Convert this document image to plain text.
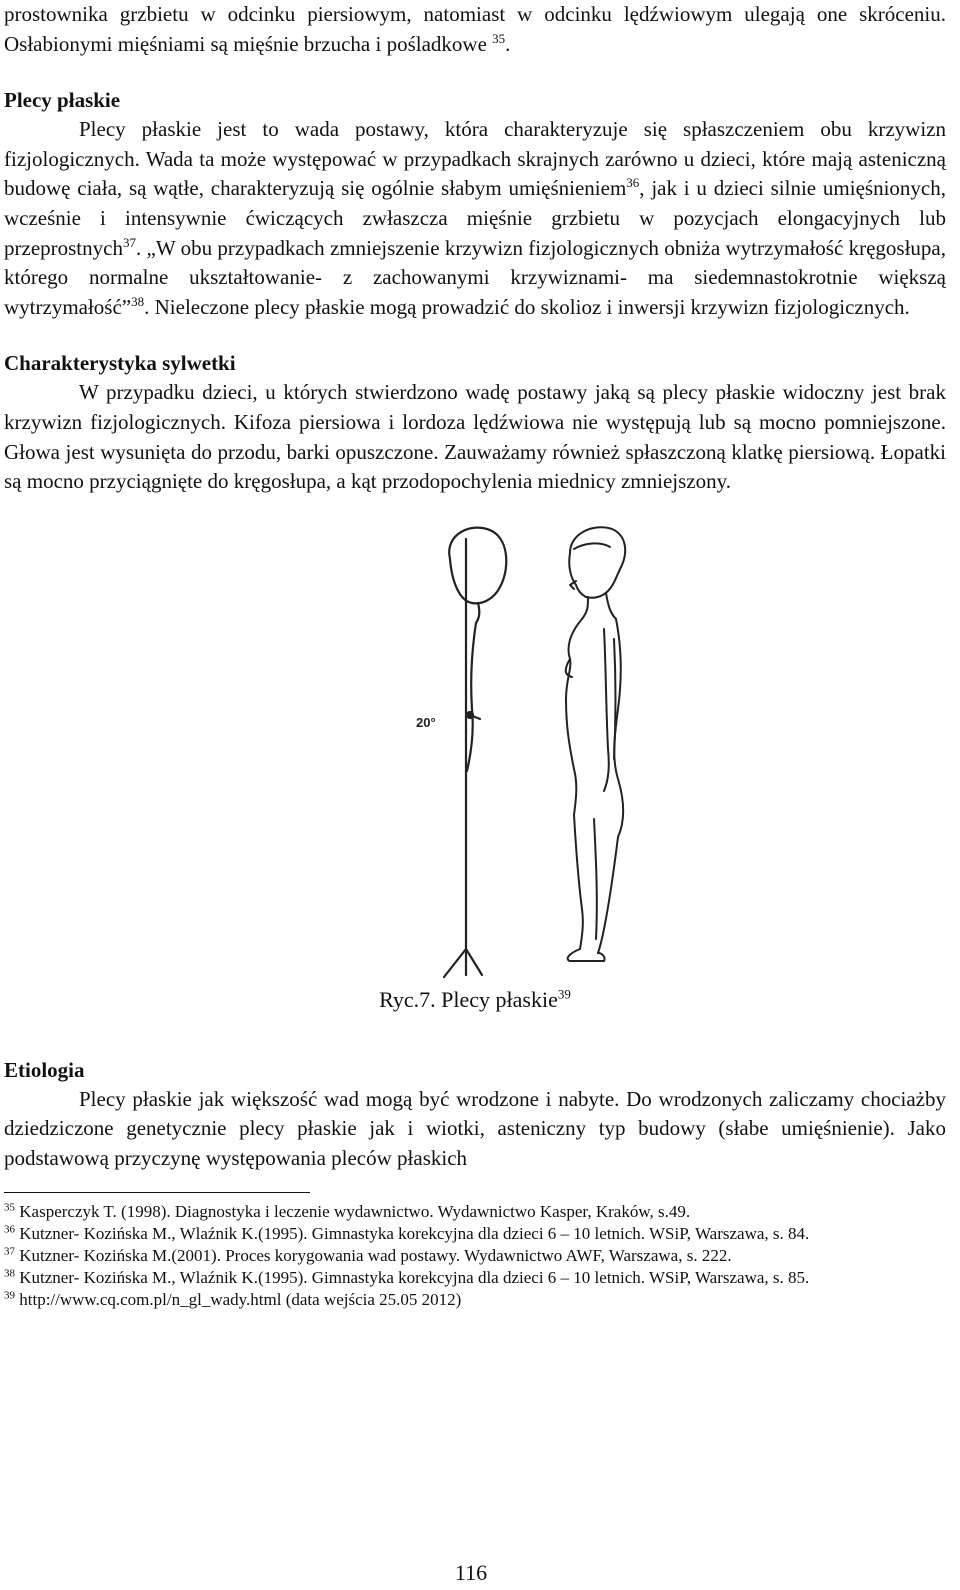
prostownika grzbietu w odcinku piersiowym, natomiast w odcinku lędźwiowym ulegają one skróceniu. Osłabionymi mięśniami są mięśnie brzucha i pośladkowe $^{35}$.

Plecy płaskie

Plecy płaskie jest to wada postawy, która charakteryzuje się spłaszczeniem obu krzywizn fizjologicznych. Wada ta może występować w przypadkach skrajnych zarówno u dzieci, które mają asteniczną budowę ciała, są wątłe, charakteryzują się ogólnie słabym umięśnieniem$^{36}$, jak i u dzieci silnie umięśnionych, wcześnie i intensywnie ćwiczących zwłaszcza mięśnie grzbietu w pozycjach elongacyjnych lub przeprostnych$^{37}$. „W obu przypadkach zmniejszenie krzywizn fizjologicznych obniża wytrzymałość kręgosłupa, którego normalne ukształtowanie- z zachowanymi krzywiznami- ma siedemnastokrotnie większą wytrzymałość”$^{38}$. Nieleczone plecy płaskie mogą prowadzić do skolioz i inwersji krzywizn fizjologicznych.

Charakterystyka sylwetki

W przypadku dzieci, u których stwierdzono wadę postawy jaką są plecy płaskie widoczny jest brak krzywizn fizjologicznych. Kifoza piersiowa i lordoza lędźwiowa nie występują lub są mocno pomniejszone. Głowa jest wysunięta do przodu, barki opuszczone. Zauważamy również spłaszczoną klatkę piersiową. Łopatki są mocno przyciągnięte do kręgosłupa, a kąt przodopochylenia miednicy zmniejszony.

20°
Ryc.7. Plecy płaskie$^{39}$
Etiologia

Plecy płaskie jak większość wad mogą być wrodzone i nabyte. Do wrodzonych zaliczamy chociażby dziedziczone genetycznie plecy płaskie jak i wiotki, asteniczny typ budowy (słabe umięśnienie). Jako podstawową przyczynę występowania pleców płaskich

$^{35}$ Kasperczyk T. (1998). Diagnostyka i leczenie wydawnictwo. Wydawnictwo Kasper, Kraków, s.49.

$^{36}$ Kutzner- Kozińska M., Wlaźnik K.(1995). Gimnastyka korekcyjna dla dzieci 6 – 10 letnich. WSiP, Warszawa, s. 84.

$^{37}$ Kutzner- Kozińska M.(2001). Proces korygowania wad postawy. Wydawnictwo AWF, Warszawa, s. 222.

$^{38}$ Kutzner- Kozińska M., Wlaźnik K.(1995). Gimnastyka korekcyjna dla dzieci 6 – 10 letnich. WSiP, Warszawa, s. 85.

$^{39}$ http://www.cq.com.pl/n_gl_wady.html (data wejścia 25.05 2012)

116
